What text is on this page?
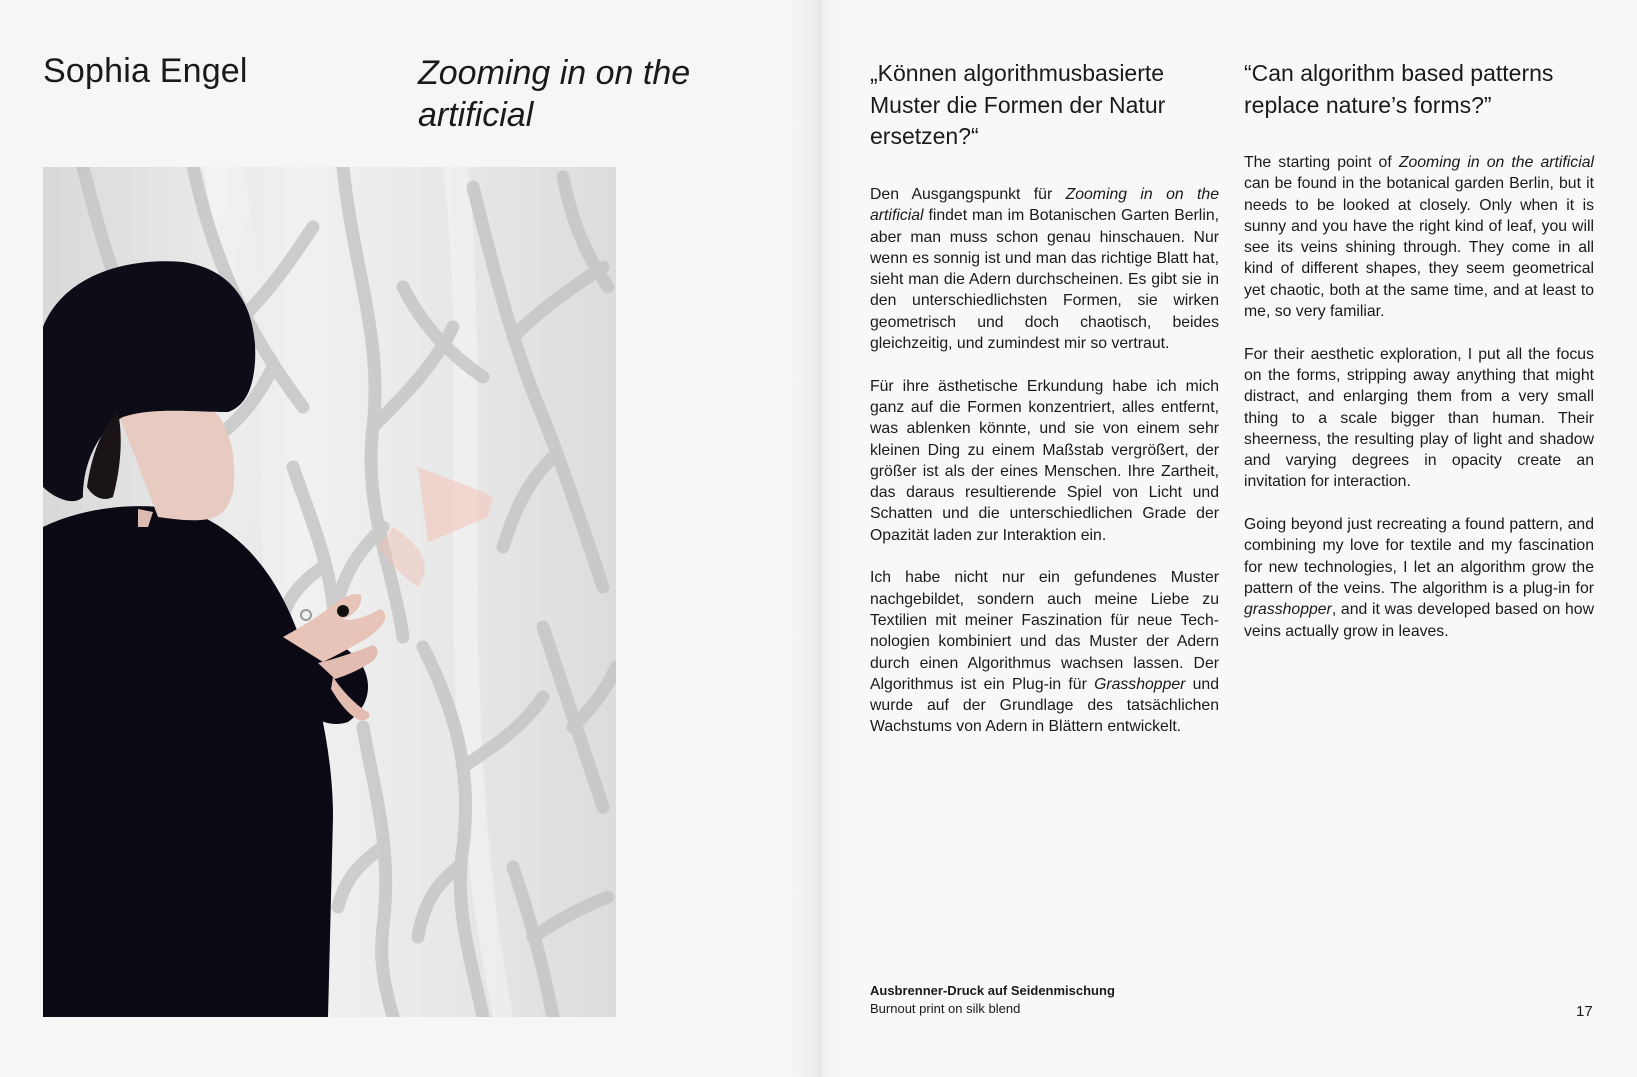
Sophia Engel	Zooming in on the artificial
„Können algorithmusbasierte Muster die Formen der Natur ersetzen?“
“Can algorithm based patterns replace nature’s forms?”

Den Ausgangspunkt für Zooming in on the artificial findet man im Botanischen Garten Berlin, aber man muss schon genau hinschauen. Nur wenn es sonnig ist und man das richtige Blatt hat, sieht man die Adern durchscheinen. Es gibt sie in den unterschiedlichsten Formen, sie wirken geometrisch und doch chaotisch, beides gleichzeitig, und zumindest mir so vertraut.

Für ihre ästhetische Erkundung habe ich mich ganz auf die Formen konzentriert, alles entfernt, was ablenken könnte, und sie von einem sehr kleinen Ding zu einem Maßstab vergrößert, der größer ist als der eines Menschen. Ihre Zartheit, das daraus resultierende Spiel von Licht und Schatten und die unterschiedlichen Grade der Opazität laden zur Interaktion ein.

Ich habe nicht nur ein gefundenes Muster nachgebildet, sondern auch meine Liebe zu Textilien mit meiner Faszination für neue Technologien kombiniert und das Muster der Adern durch einen Algorithmus wachsen lassen. Der Algorithmus ist ein Plug-in für Grasshopper und wurde auf der Grundlage des tatsächlichen Wachstums von Adern in Blättern entwickelt.

The starting point of Zooming in on the artificial can be found in the botanical garden Berlin, but it needs to be looked at closely. Only when it is sunny and you have the right kind of leaf, you will see its veins shining through. They come in all kind of different shapes, they seem geometrical yet chaotic, both at the same time, and at least to me, so very familiar.

For their aesthetic exploration, I put all the focus on the forms, stripping away anything that might distract, and enlarging them from a very small thing to a scale bigger than human. Their sheerness, the resulting play of light and shadow and varying degrees in opacity create an invitation for interaction.

Going beyond just recreating a found pattern, and combining my love for textile and my fascination for new technologies, I let an algorithm grow the pattern of the veins. The algorithm is a plug-in for grasshopper, and it was developed based on how veins actually grow in leaves.

Ausbrenner-Druck auf Seidenmischung
Burnout print on silk blend	17
